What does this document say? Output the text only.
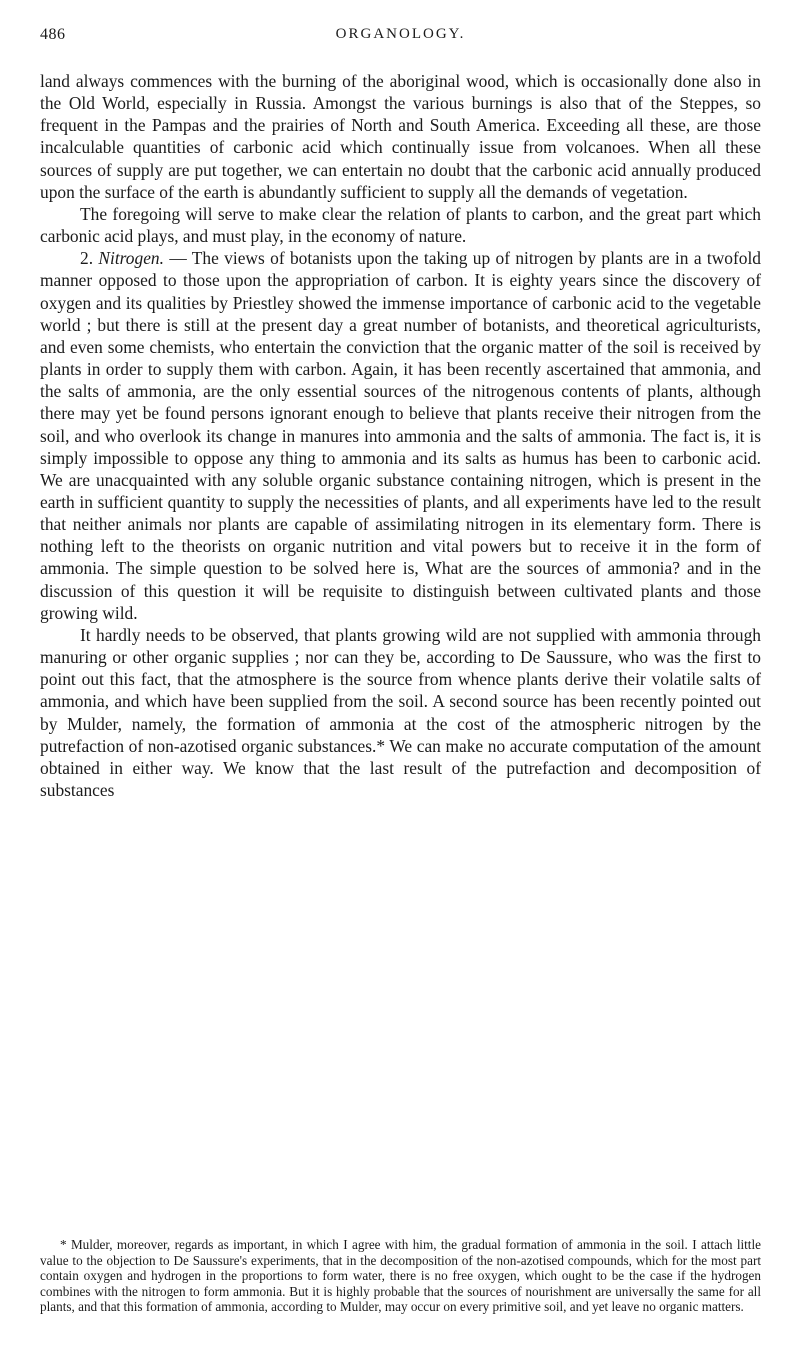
486	ORGANOLOGY.

land always commences with the burning of the aboriginal wood, which is occasionally done also in the Old World, especially in Russia. Amongst the various burnings is also that of the Steppes, so frequent in the Pampas and the prairies of North and South America. Exceeding all these, are those incalculable quantities of carbonic acid which continually issue from volcanoes. When all these sources of supply are put together, we can entertain no doubt that the carbonic acid annually produced upon the surface of the earth is abundantly sufficient to supply all the demands of vegetation.

The foregoing will serve to make clear the relation of plants to carbon, and the great part which carbonic acid plays, and must play, in the economy of nature.

2. Nitrogen. — The views of botanists upon the taking up of nitrogen by plants are in a twofold manner opposed to those upon the appropriation of carbon. It is eighty years since the discovery of oxygen and its qualities by Priestley showed the immense importance of carbonic acid to the vegetable world ; but there is still at the present day a great number of botanists, and theoretical agriculturists, and even some chemists, who entertain the conviction that the organic matter of the soil is received by plants in order to supply them with carbon. Again, it has been recently ascertained that ammonia, and the salts of ammonia, are the only essential sources of the nitrogenous contents of plants, although there may yet be found persons ignorant enough to believe that plants receive their nitrogen from the soil, and who overlook its change in manures into ammonia and the salts of ammonia. The fact is, it is simply impossible to oppose any thing to ammonia and its salts as humus has been to carbonic acid. We are unacquainted with any soluble organic substance containing nitrogen, which is present in the earth in sufficient quantity to supply the necessities of plants, and all experiments have led to the result that neither animals nor plants are capable of assimilating nitrogen in its elementary form. There is nothing left to the theorists on organic nutrition and vital powers but to receive it in the form of ammonia. The simple question to be solved here is, What are the sources of ammonia? and in the discussion of this question it will be requisite to distinguish between cultivated plants and those growing wild.

It hardly needs to be observed, that plants growing wild are not supplied with ammonia through manuring or other organic supplies ; nor can they be, according to De Saussure, who was the first to point out this fact, that the atmosphere is the source from whence plants derive their volatile salts of ammonia, and which have been supplied from the soil. A second source has been recently pointed out by Mulder, namely, the formation of ammonia at the cost of the atmospheric nitrogen by the putrefaction of non-azotised organic substances.* We can make no accurate computation of the amount obtained in either way. We know that the last result of the putrefaction and decomposition of substances

* Mulder, moreover, regards as important, in which I agree with him, the gradual formation of ammonia in the soil. I attach little value to the objection to De Saussure's experiments, that in the decomposition of the non-azotised compounds, which for the most part contain oxygen and hydrogen in the proportions to form water, there is no free oxygen, which ought to be the case if the hydrogen combines with the nitrogen to form ammonia. But it is highly probable that the sources of nourishment are universally the same for all plants, and that this formation of ammonia, according to Mulder, may occur on every primitive soil, and yet leave no organic matters.
